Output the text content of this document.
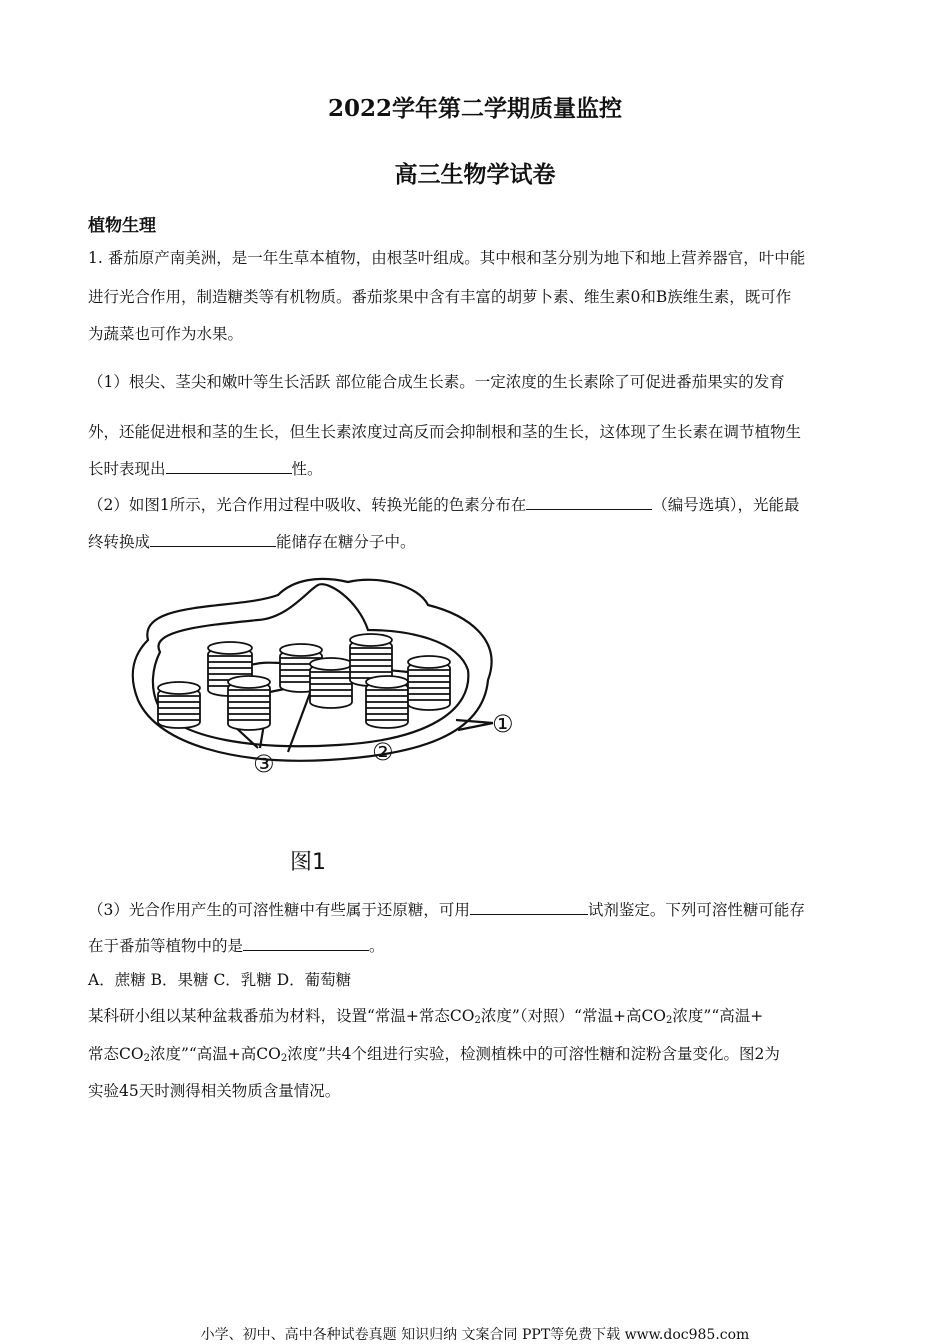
2022学年第二学期质量监控
高三生物学试卷
植物生理
1. 番茄原产南美洲，是一年生草本植物，由根茎叶组成。其中根和茎分别为地下和地上营养器官，叶中能
进行光合作用，制造糖类等有机物质。番茄浆果中含有丰富的胡萝卜素、维生素0和B族维生素，既可作
为蔬菜也可作为水果。
（1）根尖、茎尖和嫩叶等生长活跃 部位能合成生长素。一定浓度的生长素除了可促进番茄果实的发育
外，还能促进根和茎的生长，但生长素浓度过高反而会抑制根和茎的生长，这体现了生长素在调节植物生
长时表现出	性。
（2）如图1所示，光合作用过程中吸收、转换光能的色素分布在	（编号选填），光能最
终转换成	能储存在糖分子中。
①
②
③
图1
（3）光合作用产生的可溶性糖中有些属于还原糖，可用	试剂鉴定。下列可溶性糖可能存
在于番茄等植物中的是	。
A．蔗糖 B．果糖 C．乳糖 D．葡萄糖
某科研小组以某种盆栽番茄为材料，设置“常温+常态$CO_2$浓度”（对照）“常温+高$CO_2$浓度”“高温+
常态$CO_2$浓度”“高温+高$CO_2$浓度”共4个组进行实验，检测植株中的可溶性糖和淀粉含量变化。图2为
实验45天时测得相关物质含量情况。
小学、初中、高中各种试卷真题 知识归纳 文案合同 PPT等免费下载 www.doc985.com
